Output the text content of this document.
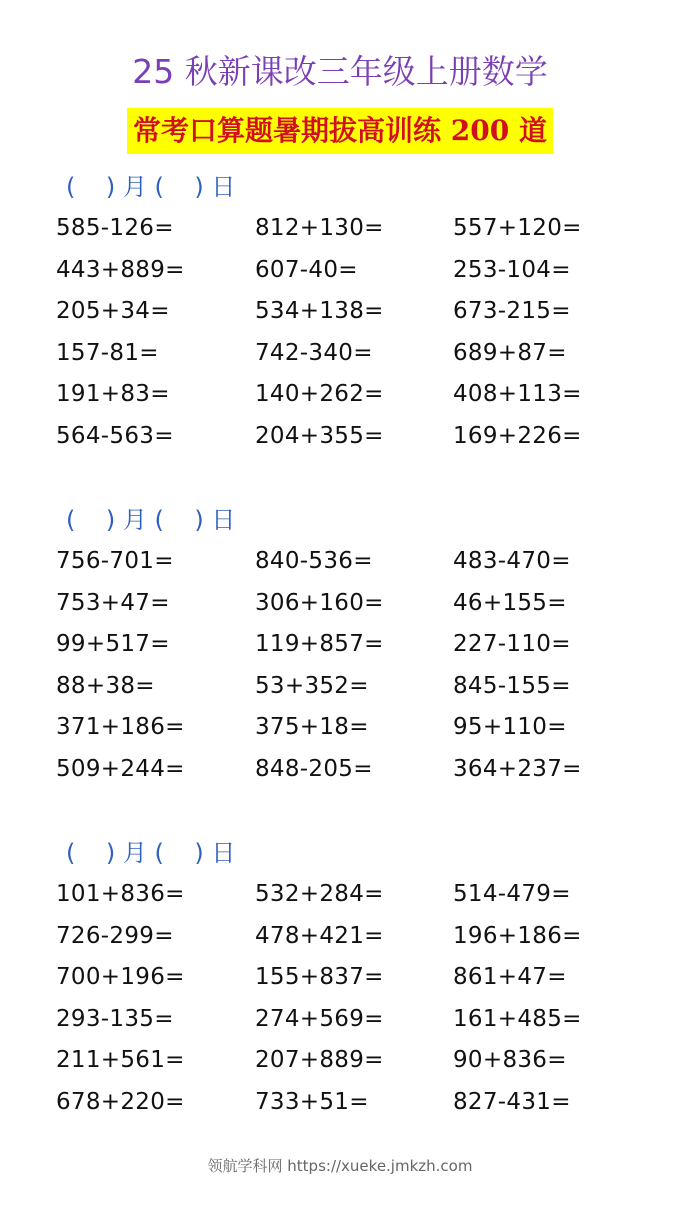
25 秋新课改三年级上册数学
常考口算题暑期拔高训练 200 道
(    ) 月 (    ) 日
585-126=	812+130=	557+120=
443+889=	607-40=	253-104=
205+34=	534+138=	673-215=
157-81=	742-340=	689+87=
191+83=	140+262=	408+113=
564-563=	204+355=	169+226=
(    ) 月 (    ) 日
756-701=	840-536=	483-470=
753+47=	306+160=	46+155=
99+517=	119+857=	227-110=
88+38=	53+352=	845-155=
371+186=	375+18=	95+110=
509+244=	848-205=	364+237=
(    ) 月 (    ) 日
101+836=	532+284=	514-479=
726-299=	478+421=	196+186=
700+196=	155+837=	861+47=
293-135=	274+569=	161+485=
211+561=	207+889=	90+836=
678+220=	733+51=	827-431=
领航学科网 https://xueke.jmkzh.com
